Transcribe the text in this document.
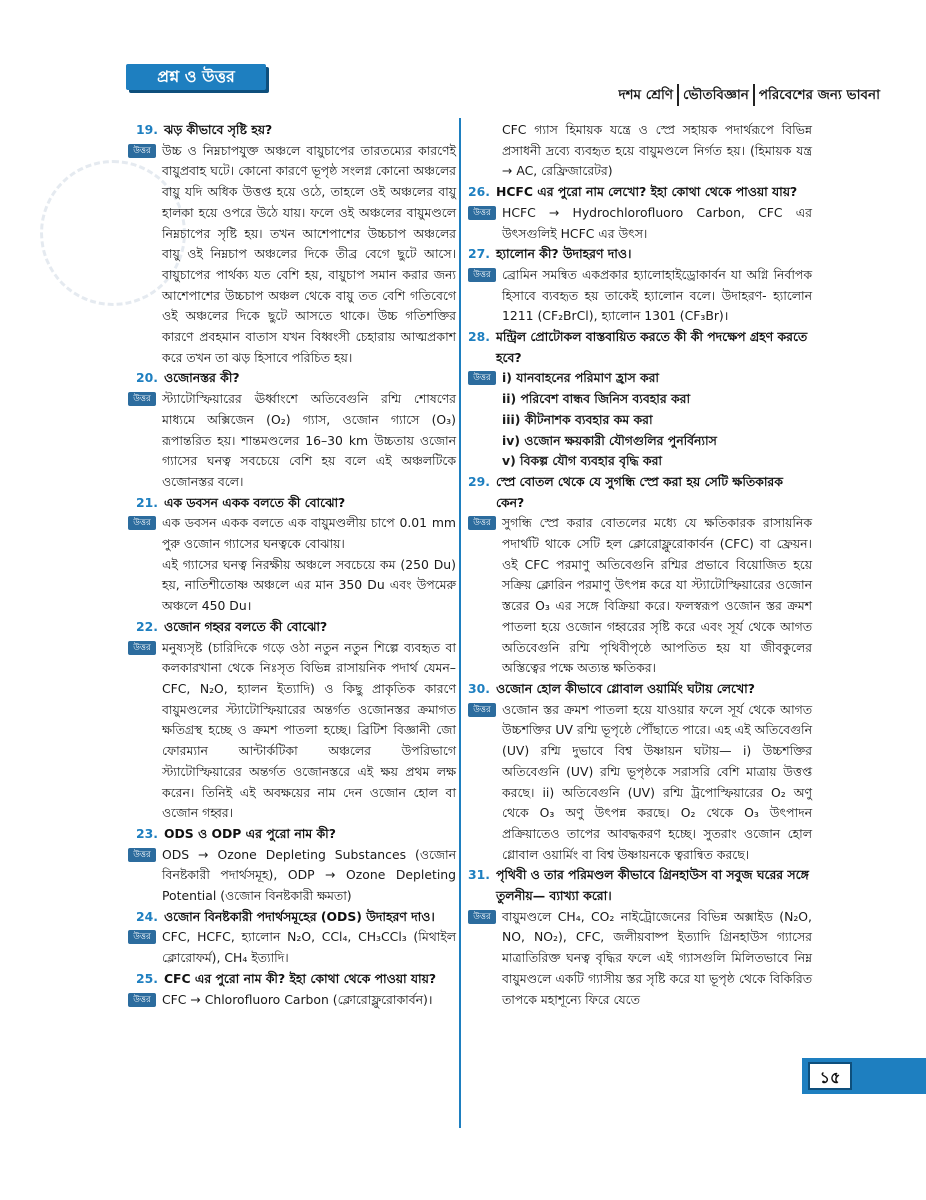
প্রশ্ন ও উত্তর
দশম শ্রেণি ভৌতবিজ্ঞান পরিবেশের জন্য ভাবনা
19. ঝড় কীভাবে সৃষ্টি হয়?
উত্তর উচ্চ ও নিম্নচাপযুক্ত অঞ্চলে বায়ুচাপের তারতম্যের কারণেই বায়ুপ্রবাহ ঘটে। কোনো কারণে ভূপৃষ্ঠ সংলগ্ন কোনো অঞ্চলের বায়ু যদি অধিক উত্তপ্ত হয়ে ওঠে, তাহলে ওই অঞ্চলের বায়ু হালকা হয়ে ওপরে উঠে যায়। ফলে ওই অঞ্চলের বায়ুমণ্ডলে নিম্নচাপের সৃষ্টি হয়। তখন আশেপাশের উচ্চচাপ অঞ্চলের বায়ু ওই নিম্নচাপ অঞ্চলের দিকে তীব্র বেগে ছুটে আসে। বায়ুচাপের পার্থক্য যত বেশি হয়, বায়ুচাপ সমান করার জন্য আশেপাশের উচ্চচাপ অঞ্চল থেকে বায়ু তত বেশি গতিবেগে ওই অঞ্চলের দিকে ছুটে আসতে থাকে। উচ্চ গতিশক্তির কারণে প্রবহমান বাতাস যখন বিধ্বংসী চেহারায় আত্মপ্রকাশ করে তখন তা ঝড় হিসাবে পরিচিত হয়।

20. ওজোনস্তর কী?
উত্তর স্ট্যাটোস্ফিয়ারের ঊর্ধ্বাংশে অতিবেগুনি রশ্মি শোষণের মাধ্যমে অক্সিজেন (O₂) গ্যাস, ওজোন গ্যাসে (O₃) রূপান্তরিত হয়। শান্তমণ্ডলের 16–30 km উচ্চতায় ওজোন গ্যাসের ঘনত্ব সবচেয়ে বেশি হয় বলে এই অঞ্চলটিকে ওজোনস্তর বলে।

21. এক ডবসন একক বলতে কী বোঝো?
উত্তর এক ডবসন একক বলতে এক বায়ুমণ্ডলীয় চাপে 0.01 mm পুরু ওজোন গ্যাসের ঘনত্বকে বোঝায়।

এই গ্যাসের ঘনত্ব নিরক্ষীয় অঞ্চলে সবচেয়ে কম (250 Du) হয়, নাতিশীতোষ্ণ অঞ্চলে এর মান 350 Du এবং উপমেরু অঞ্চলে 450 Du।

22. ওজোন গহ্বর বলতে কী বোঝো?
উত্তর মনুষ্যসৃষ্ট (চারিদিকে গড়ে ওঠা নতুন নতুন শিল্পে ব্যবহৃত বা কলকারখানা থেকে নিঃসৃত বিভিন্ন রাসায়নিক পদার্থ যেমন– CFC, N₂O, হ্যালন ইত্যাদি) ও কিছু প্রাকৃতিক কারণে বায়ুমণ্ডলের স্ট্যাটোস্ফিয়ারের অন্তর্গত ওজোনস্তর ক্রমাগত ক্ষতিগ্রস্থ হচ্ছে ও ক্রমশ পাতলা হচ্ছে। ব্রিটিশ বিজ্ঞানী জো ফোরম্যান আন্টার্কটিকা অঞ্চলের উপরিভাগে স্ট্যাটোস্ফিয়ারের অন্তর্গত ওজোনস্তরে এই ক্ষয় প্রথম লক্ষ করেন। তিনিই এই অবক্ষয়ের নাম দেন ওজোন হোল বা ওজোন গহ্বর।

23. ODS ও ODP এর পুরো নাম কী?
উত্তর ODS → Ozone Depleting Substances (ওজোন বিনষ্টকারী পদার্থসমূহ), ODP → Ozone Depleting Potential (ওজোন বিনষ্টকারী ক্ষমতা)

24. ওজোন বিনষ্টকারী পদার্থসমূহের (ODS) উদাহরণ দাও।
উত্তর CFC, HCFC, হ্যালোন N₂O, CCl₄, CH₃CCl₃ (মিথাইল ক্লোরোফর্ম), CH₄ ইত্যাদি।

25. CFC এর পুরো নাম কী? ইহা কোথা থেকে পাওয়া যায়?
উত্তর CFC → Chlorofluoro Carbon (ক্লোরোফ্লুরোকার্বন)।

CFC গ্যাস হিমায়ক যন্ত্রে ও স্প্রে সহায়ক পদার্থরূপে বিভিন্ন প্রসাধনী দ্রব্যে ব্যবহৃত হয়ে বায়ুমণ্ডলে নির্গত হয়। (হিমায়ক যন্ত্র → AC, রেফ্রিজারেটর)

26. HCFC এর পুরো নাম লেখো? ইহা কোথা থেকে পাওয়া যায়?
উত্তর HCFC → Hydrochlorofluoro Carbon, CFC এর উৎসগুলিই HCFC এর উৎস।

27. হ্যালোন কী? উদাহরণ দাও।
উত্তর ব্রোমিন সমন্বিত একপ্রকার হ্যালোহাইড্রোকার্বন যা অগ্নি নির্বাপক হিসাবে ব্যবহৃত হয় তাকেই হ্যালোন বলে। উদাহরণ- হ্যালোন 1211 (CF₂BrCl), হ্যালোন 1301 (CF₃Br)।

28. মন্ট্রিল প্রোটোকল বাস্তবায়িত করতে কী কী পদক্ষেপ গ্রহণ করতে হবে?
উত্তর i) যানবাহনের পরিমাণ হ্রাস করা

ii) পরিবেশ বান্ধব জিনিস ব্যবহার করা

iii) কীটনাশক ব্যবহার কম করা

iv) ওজোন ক্ষয়কারী যৌগগুলির পুনর্বিন্যাস

v) বিকল্প যৌগ ব্যবহার বৃদ্ধি করা

29. স্প্রে বোতল থেকে যে সুগন্ধি স্প্রে করা হয় সেটি ক্ষতিকারক কেন?
উত্তর সুগন্ধি স্প্রে করার বোতলের মধ্যে যে ক্ষতিকারক রাসায়নিক পদার্থটি থাকে সেটি হল ক্লোরোফ্লুরোকার্বন (CFC) বা ফ্রেয়ন। ওই CFC পরমাণু অতিবেগুনি রশ্মির প্রভাবে বিয়োজিত হয়ে সক্রিয় ক্লোরিন পরমাণু উৎপন্ন করে যা স্ট্যাটোস্ফিয়ারের ওজোন স্তরের O₃ এর সঙ্গে বিক্রিয়া করে। ফলস্বরূপ ওজোন স্তর ক্রমশ পাতলা হয়ে ওজোন গহ্বরের সৃষ্টি করে এবং সূর্য থেকে আগত অতিবেগুনি রশ্মি পৃথিবীপৃষ্ঠে আপতিত হয় যা জীবকুলের অস্তিত্বের পক্ষে অত্যন্ত ক্ষতিকর।

30. ওজোন হোল কীভাবে গ্লোবাল ওয়ার্মিং ঘটায় লেখো?
উত্তর ওজোন স্তর ক্রমশ পাতলা হয়ে যাওয়ার ফলে সূর্য থেকে আগত উচ্চশক্তির UV রশ্মি ভূপৃষ্ঠে পৌঁছাতে পারে। এহ এই অতিবেগুনি (UV) রশ্মি দুভাবে বিশ্ব উষ্ণায়ন ঘটায়— i) উচ্চশক্তির অতিবেগুনি (UV) রশ্মি ভূপৃষ্ঠকে সরাসরি বেশি মাত্রায় উত্তপ্ত করছে। ii) অতিবেগুনি (UV) রশ্মি ট্রপোস্ফিয়ারের O₂ অণু থেকে O₃ অণু উৎপন্ন করছে। O₂ থেকে O₃ উৎপাদন প্রক্রিয়াতেও তাপের আবদ্ধকরণ হচ্ছে। সুতরাং ওজোন হোল গ্লোবাল ওয়ার্মিং বা বিশ্ব উষ্ণায়নকে ত্বরান্বিত করছে।

31. পৃথিবী ও তার পরিমণ্ডল কীভাবে গ্রিনহাউস বা সবুজ ঘরের সঙ্গে তুলনীয়— ব্যাখ্যা করো।
উত্তর বায়ুমণ্ডলে CH₄, CO₂ নাইট্রোজেনের বিভিন্ন অক্সাইড (N₂O, NO, NO₂), CFC, জলীয়বাষ্প ইত্যাদি গ্রিনহাউস গ্যাসের মাত্রাতিরিক্ত ঘনত্ব বৃদ্ধির ফলে এই গ্যাসগুলি মিলিতভাবে নিম্ন বায়ুমণ্ডলে একটি গ্যাসীয় স্তর সৃষ্টি করে যা ভূপৃষ্ঠ থেকে বিকিরিত তাপকে মহাশূন্যে ফিরে যেতে

১৫
